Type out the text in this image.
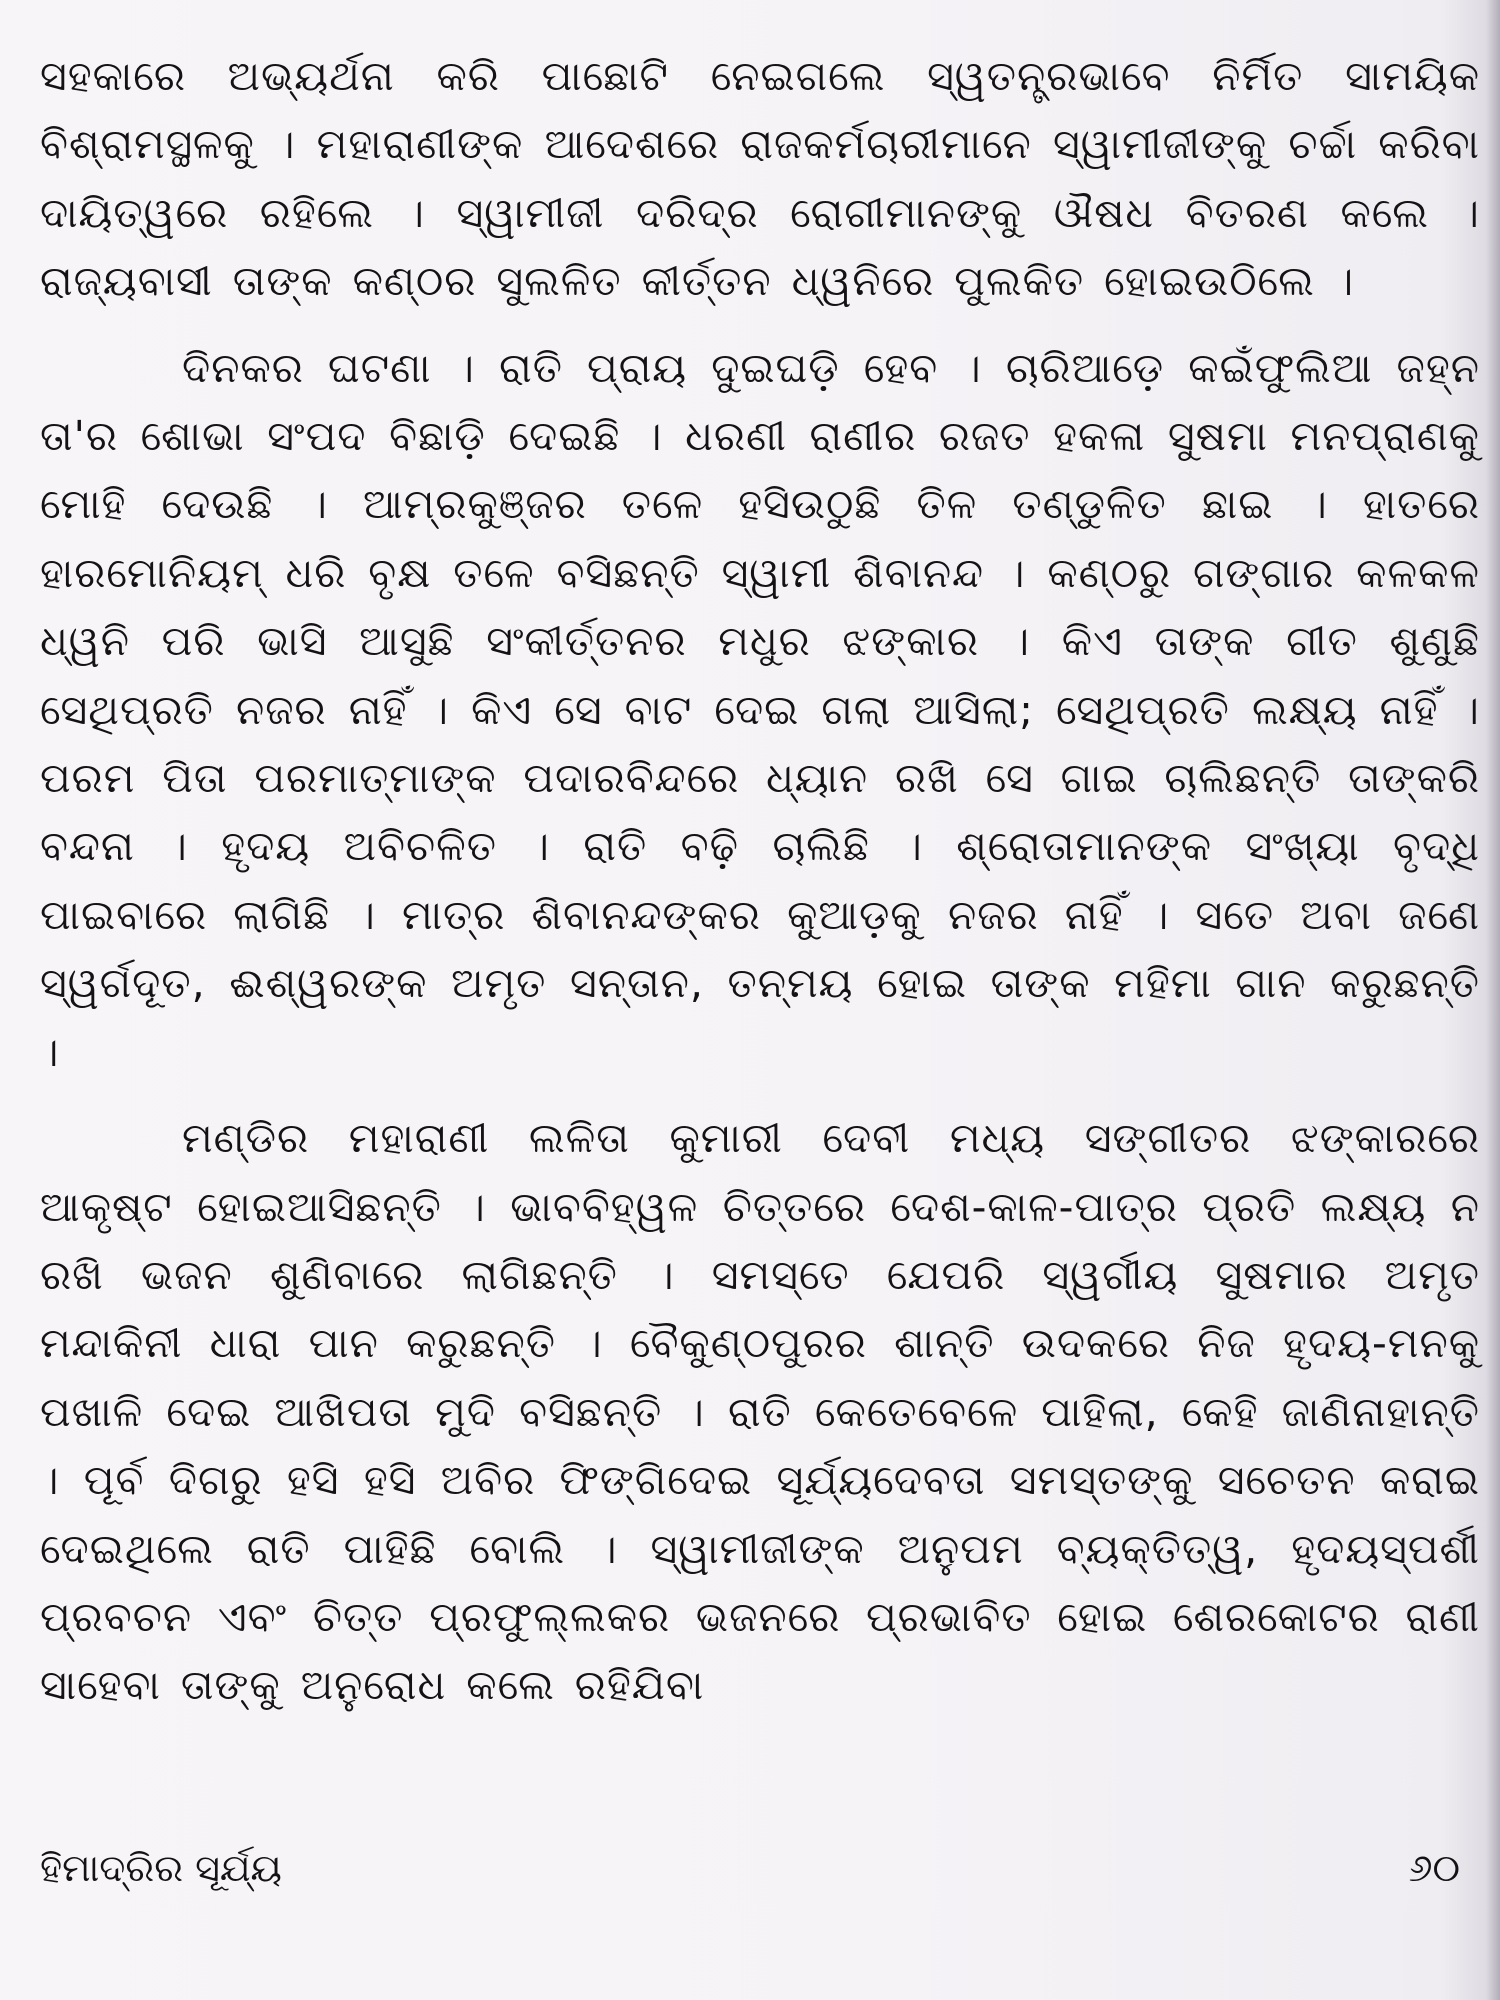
ସହକାରେ ଅଭ୍ୟର୍ଥନା କରି ପାଛୋଟି ନେଇଗଲେ ସ୍ୱତନ୍ତ୍ରଭାବେ ନିର୍ମିତ ସାମୟିକ ବିଶ୍ରାମସ୍ଥଳକୁ । ମହାରାଣୀଙ୍କ ଆଦେଶରେ ରାଜକର୍ମଚାରୀମାନେ ସ୍ୱାମୀଜୀଙ୍କୁ ଚର୍ଚ୍ଚା କରିବା ଦାୟିତ୍ୱରେ ରହିଲେ । ସ୍ୱାମୀଜୀ ଦରିଦ୍ର ରୋଗୀମାନଙ୍କୁ ଔଷଧ ବିତରଣ କଲେ । ରାଜ୍ୟବାସୀ ତାଙ୍କ କଣ୍ଠର ସୁଲଳିତ କୀର୍ତ୍ତନ ଧ୍ୱନିରେ ପୁଲକିତ ହୋଇଉଠିଲେ ।

ଦିନକର ଘଟଣା । ରାତି ପ୍ରାୟ ଦୁଇଘଡ଼ି ହେବ । ଚାରିଆଡ଼େ କଇଁଫୁଲିଆ ଜହ୍ନ ତା'ର ଶୋଭା ସଂପଦ ବିଛାଡ଼ି ଦେଇଛି । ଧରଣୀ ରାଣୀର ରଜତ ହକଳା ସୁଷମା ମନପ୍ରାଣକୁ ମୋହି ଦେଉଛି । ଆମ୍ରକୁଞ୍ଜର ତଳେ ହସିଉଠୁଛି ତିଳ ତଣ୍ଡୁଳିତ ଛାଇ । ହାତରେ ହାରମୋନିୟମ୍ ଧରି ବୃକ୍ଷ ତଳେ ବସିଛନ୍ତି ସ୍ୱାମୀ ଶିବାନନ୍ଦ । କଣ୍ଠରୁ ଗଙ୍ଗାର କଳକଳ ଧ୍ୱନି ପରି ଭାସି ଆସୁଛି ସଂକୀର୍ତ୍ତନର ମଧୁର ଝଙ୍କାର । କିଏ ତାଙ୍କ ଗୀତ ଶୁଣୁଛି ସେଥିପ୍ରତି ନଜର ନାହିଁ । କିଏ ସେ ବାଟ ଦେଇ ଗଲା ଆସିଲା; ସେଥିପ୍ରତି ଲକ୍ଷ୍ୟ ନାହିଁ । ପରମ ପିତା ପରମାତ୍ମାଙ୍କ ପଦାରବିନ୍ଦରେ ଧ୍ୟାନ ରଖି ସେ ଗାଇ ଚାଲିଛନ୍ତି ତାଙ୍କରି ବନ୍ଦନା । ହୃଦୟ ଅବିଚଳିତ । ରାତି ବଢ଼ି ଚାଲିଛି । ଶ୍ରୋତାମାନଙ୍କ ସଂଖ୍ୟା ବୃଦ୍ଧି ପାଇବାରେ ଲାଗିଛି । ମାତ୍ର ଶିବାନନ୍ଦଙ୍କର କୁଆଡ଼କୁ ନଜର ନାହିଁ । ସତେ ଅବା ଜଣେ ସ୍ୱର୍ଗଦୂତ, ଈଶ୍ୱରଙ୍କ ଅମୃତ ସନ୍ତାନ, ତନ୍ମୟ ହୋଇ ତାଙ୍କ ମହିମା ଗାନ କରୁଛନ୍ତି ।

ମଣ୍ଡିର ମହାରାଣୀ ଲଳିତା କୁମାରୀ ଦେବୀ ମଧ୍ୟ ସଙ୍ଗୀତର ଝଙ୍କାରରେ ଆକୃଷ୍ଟ ହୋଇଆସିଛନ୍ତି । ଭାବବିହ୍ୱଳ ଚିତ୍ତରେ ଦେଶ-କାଳ-ପାତ୍ର ପ୍ରତି ଲକ୍ଷ୍ୟ ନ ରଖି ଭଜନ ଶୁଣିବାରେ ଲାଗିଛନ୍ତି । ସମସ୍ତେ ଯେପରି ସ୍ୱର୍ଗୀୟ ସୁଷମାର ଅମୃତ ମନ୍ଦାକିନୀ ଧାରା ପାନ କରୁଛନ୍ତି । ବୈକୁଣ୍ଠପୁରର ଶାନ୍ତି ଉଦକରେ ନିଜ ହୃଦୟ-ମନକୁ ପଖାଳି ଦେଇ ଆଖିପତା ମୁଦି ବସିଛନ୍ତି । ରାତି କେତେବେଳେ ପାହିଲା, କେହି ଜାଣିନାହାନ୍ତି । ପୂର୍ବ ଦିଗରୁ ହସି ହସି ଅବିର ଫିଙ୍ଗିଦେଇ ସୂର୍ଯ୍ୟଦେବତା ସମସ୍ତଙ୍କୁ ସଚେତନ କରାଇ ଦେଇଥିଲେ ରାତି ପାହିଛି ବୋଲି । ସ୍ୱାମୀଜୀଙ୍କ ଅନୁପମ ବ୍ୟକ୍ତିତ୍ୱ, ହୃଦୟସ୍ପର୍ଶୀ ପ୍ରବଚନ ଏବଂ ଚିତ୍ତ ପ୍ରଫୁଲ୍ଲକର ଭଜନରେ ପ୍ରଭାବିତ ହୋଇ ଶେରକୋଟର ରାଣୀ ସାହେବା ତାଙ୍କୁ ଅନୁରୋଧ କଲେ ରହିଯିବା

ହିମାଦ୍ରିର ସୂର୍ଯ୍ୟ	୬୦
